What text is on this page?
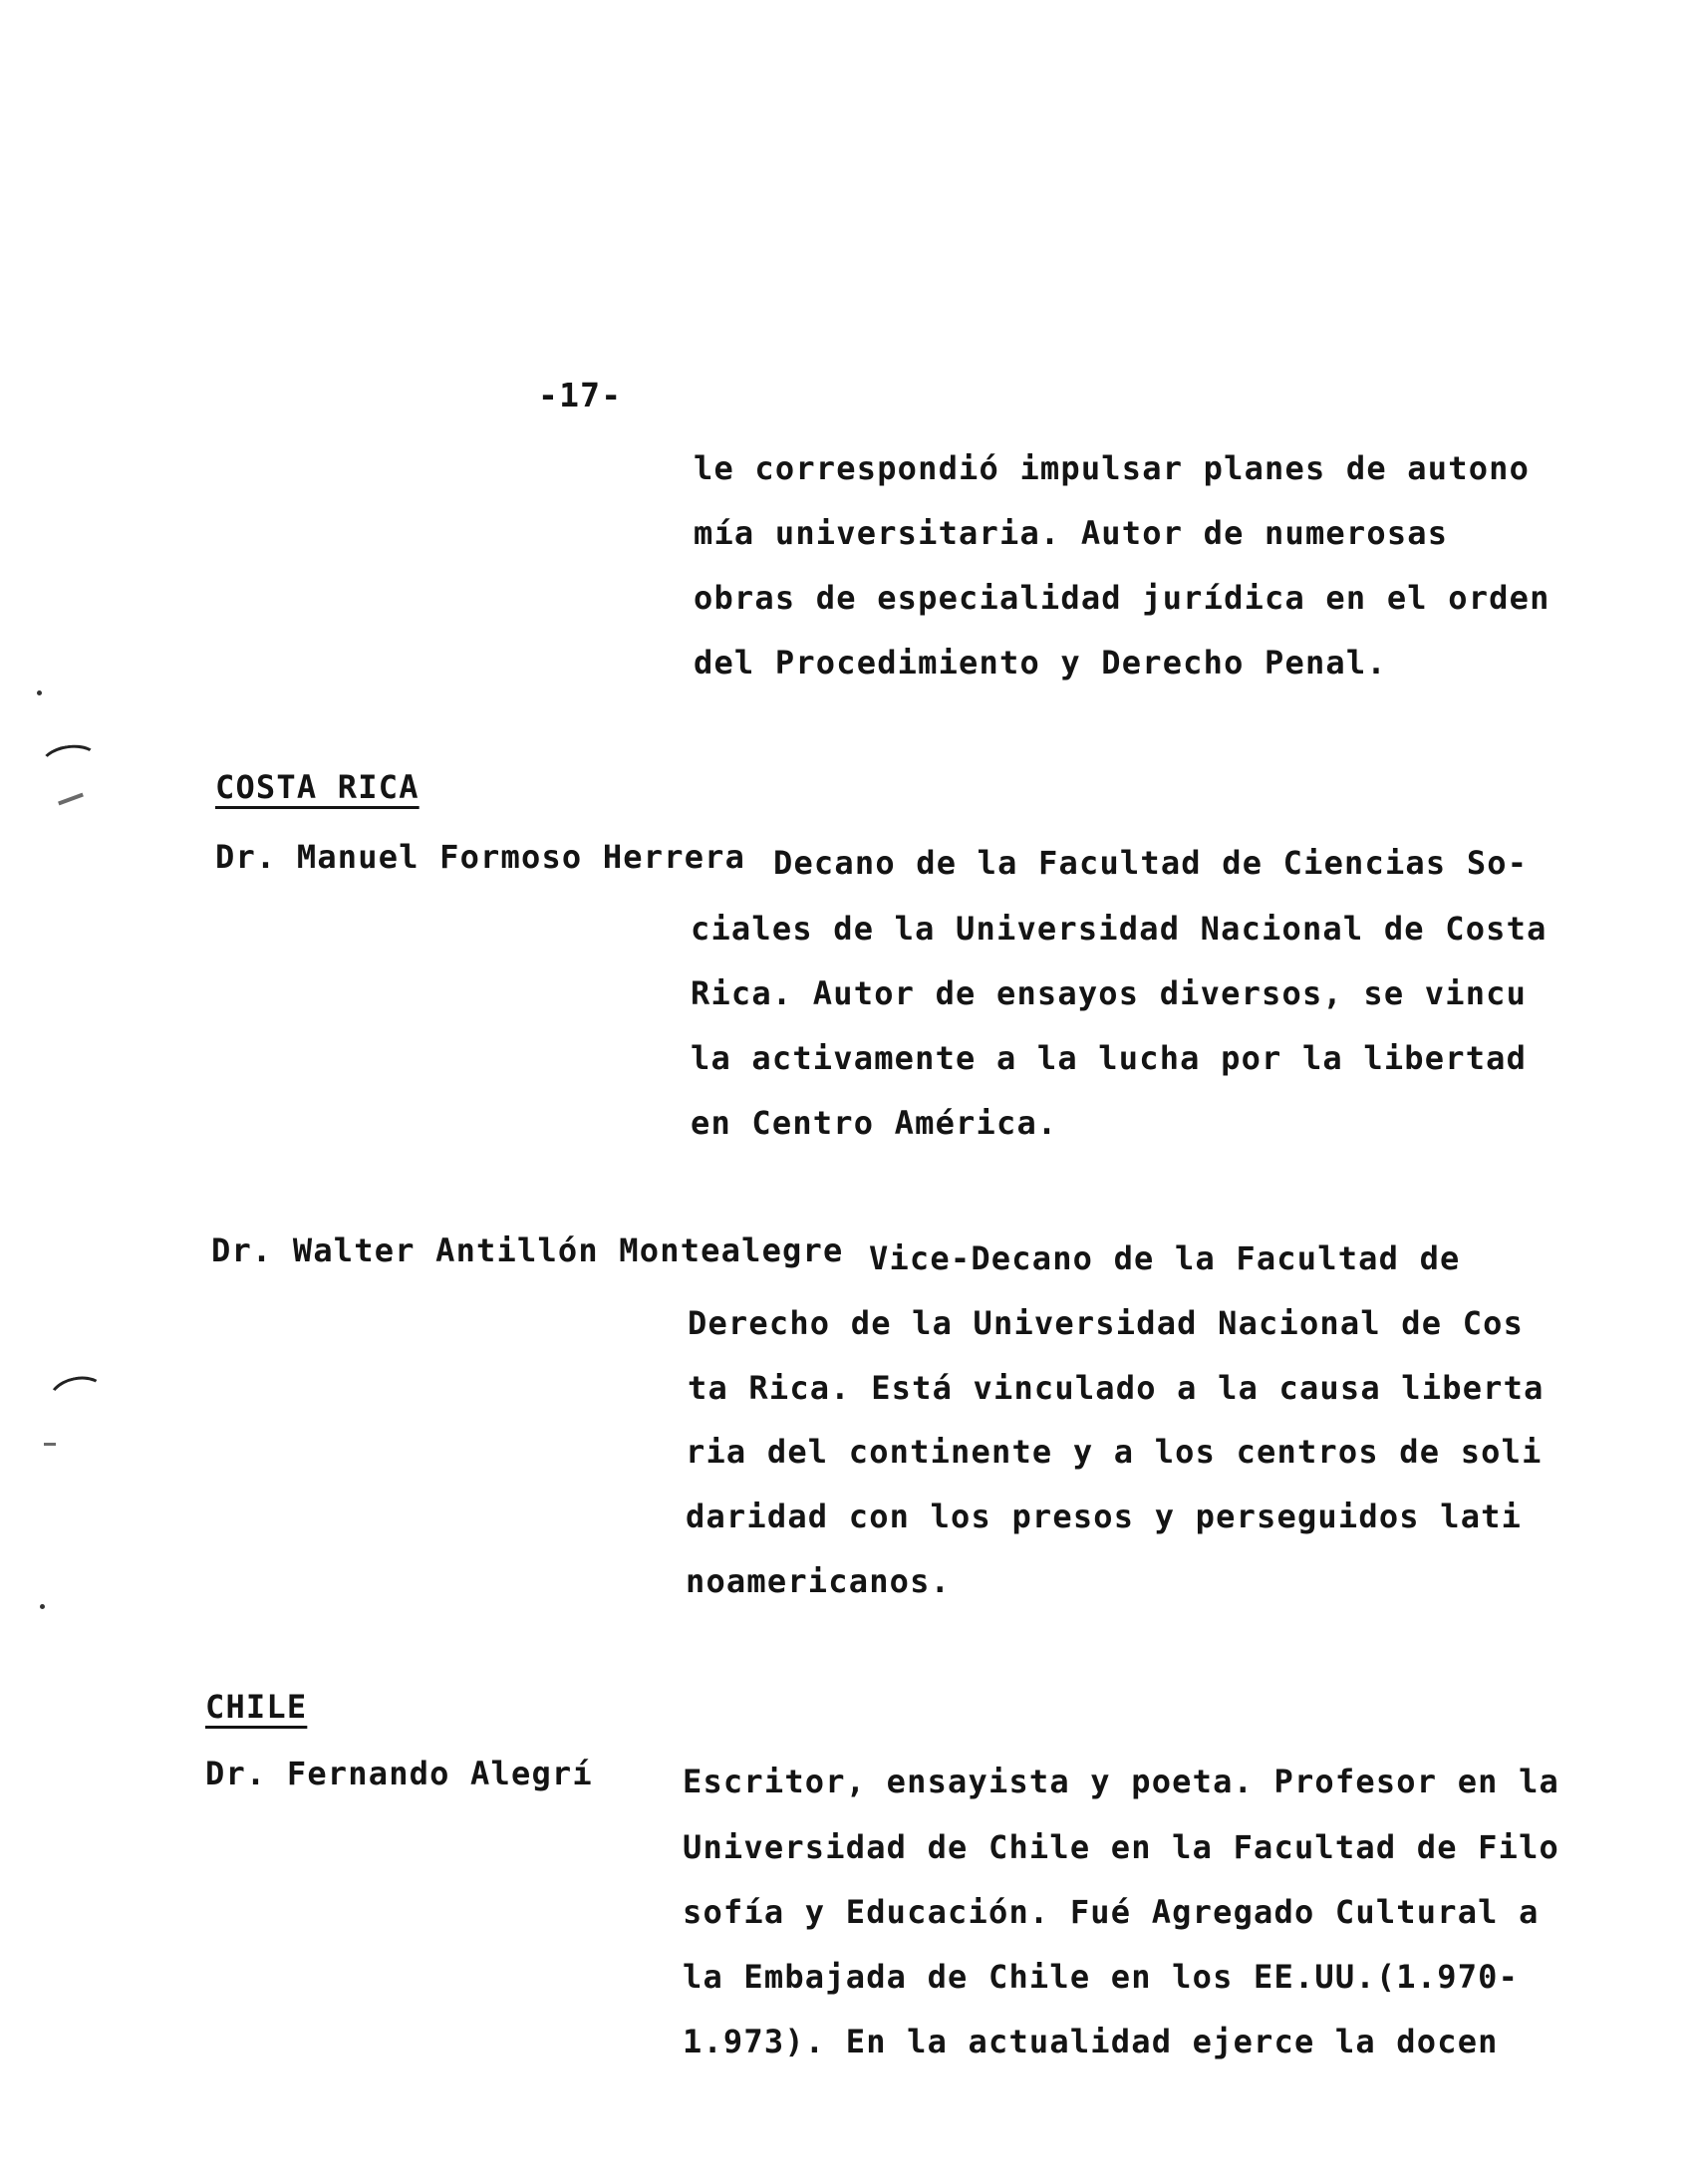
-17-
le correspondió impulsar planes de autono
mía universitaria. Autor de numerosas
obras de especialidad jurídica en el orden
del Procedimiento y Derecho Penal.
COSTA RICA
Dr. Manuel Formoso Herrera Decano de la Facultad de Ciencias So-
ciales de la Universidad Nacional de Costa
Rica. Autor de ensayos diversos, se vincu
la activamente a la lucha por la libertad
en Centro América.
Dr. Walter Antillón Montealegre Vice-Decano de la Facultad de
Derecho de la Universidad Nacional de Cos
ta Rica. Está vinculado a la causa liberta
ria del continente y a los centros de soli
daridad con los presos y perseguidos lati
noamericanos.
CHILE
Dr. Fernando Alegrí	Escritor, ensayista y poeta. Profesor en la
Universidad de Chile en la Facultad de Filo
sofía y Educación. Fué Agregado Cultural a
la Embajada de Chile en los EE.UU.(1.970-
1.973). En la actualidad ejerce la docen
